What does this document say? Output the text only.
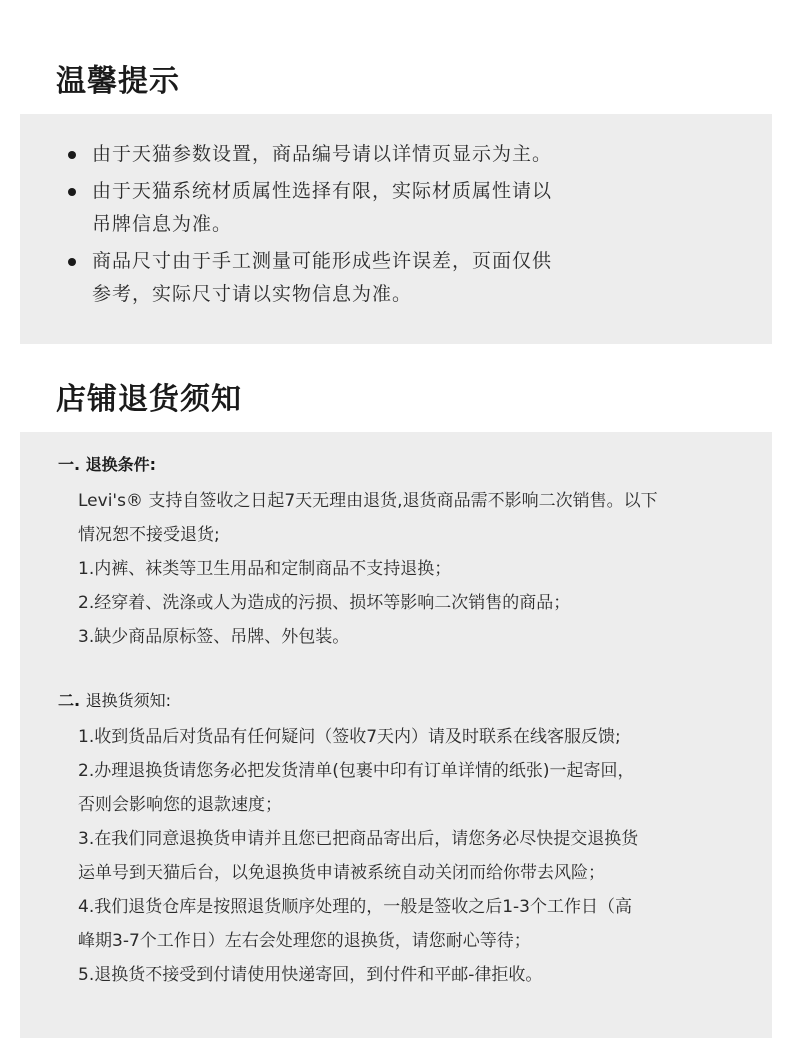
温馨提示
由于天猫参数设置，商品编号请以详情页显示为主。
由于天猫系统材质属性选择有限，实际材质属性请以
吊牌信息为准。
商品尺寸由于手工测量可能形成些许误差，页面仅供
参考，实际尺寸请以实物信息为准。
店铺退货须知

一. 退换条件:

Levi's® 支持自签收之日起7天无理由退货,退货商品需不影响二次销售。以下
情况恕不接受退货;
1.内裤、袜类等卫生用品和定制商品不支持退换；
2.经穿着、洗涤或人为造成的污损、损坏等影响二次销售的商品；
3.缺少商品原标签、吊牌、外包装。

二. 退换货须知:

1.收到货品后对货品有任何疑问（签收7天内）请及时联系在线客服反馈;
2.办理退换货请您务必把发货清单(包裹中印有订单详情的纸张)一起寄回，
否则会影响您的退款速度；
3.在我们同意退换货申请并且您已把商品寄出后，请您务必尽快提交退换货
运单号到天猫后台，以免退换货申请被系统自动关闭而给你带去风险；
4.我们退货仓库是按照退货顺序处理的，一般是签收之后1-3个工作日（高
峰期3-7个工作日）左右会处理您的退换货，请您耐心等待；
5.退换货不接受到付请使用快递寄回，到付件和平邮-律拒收。
